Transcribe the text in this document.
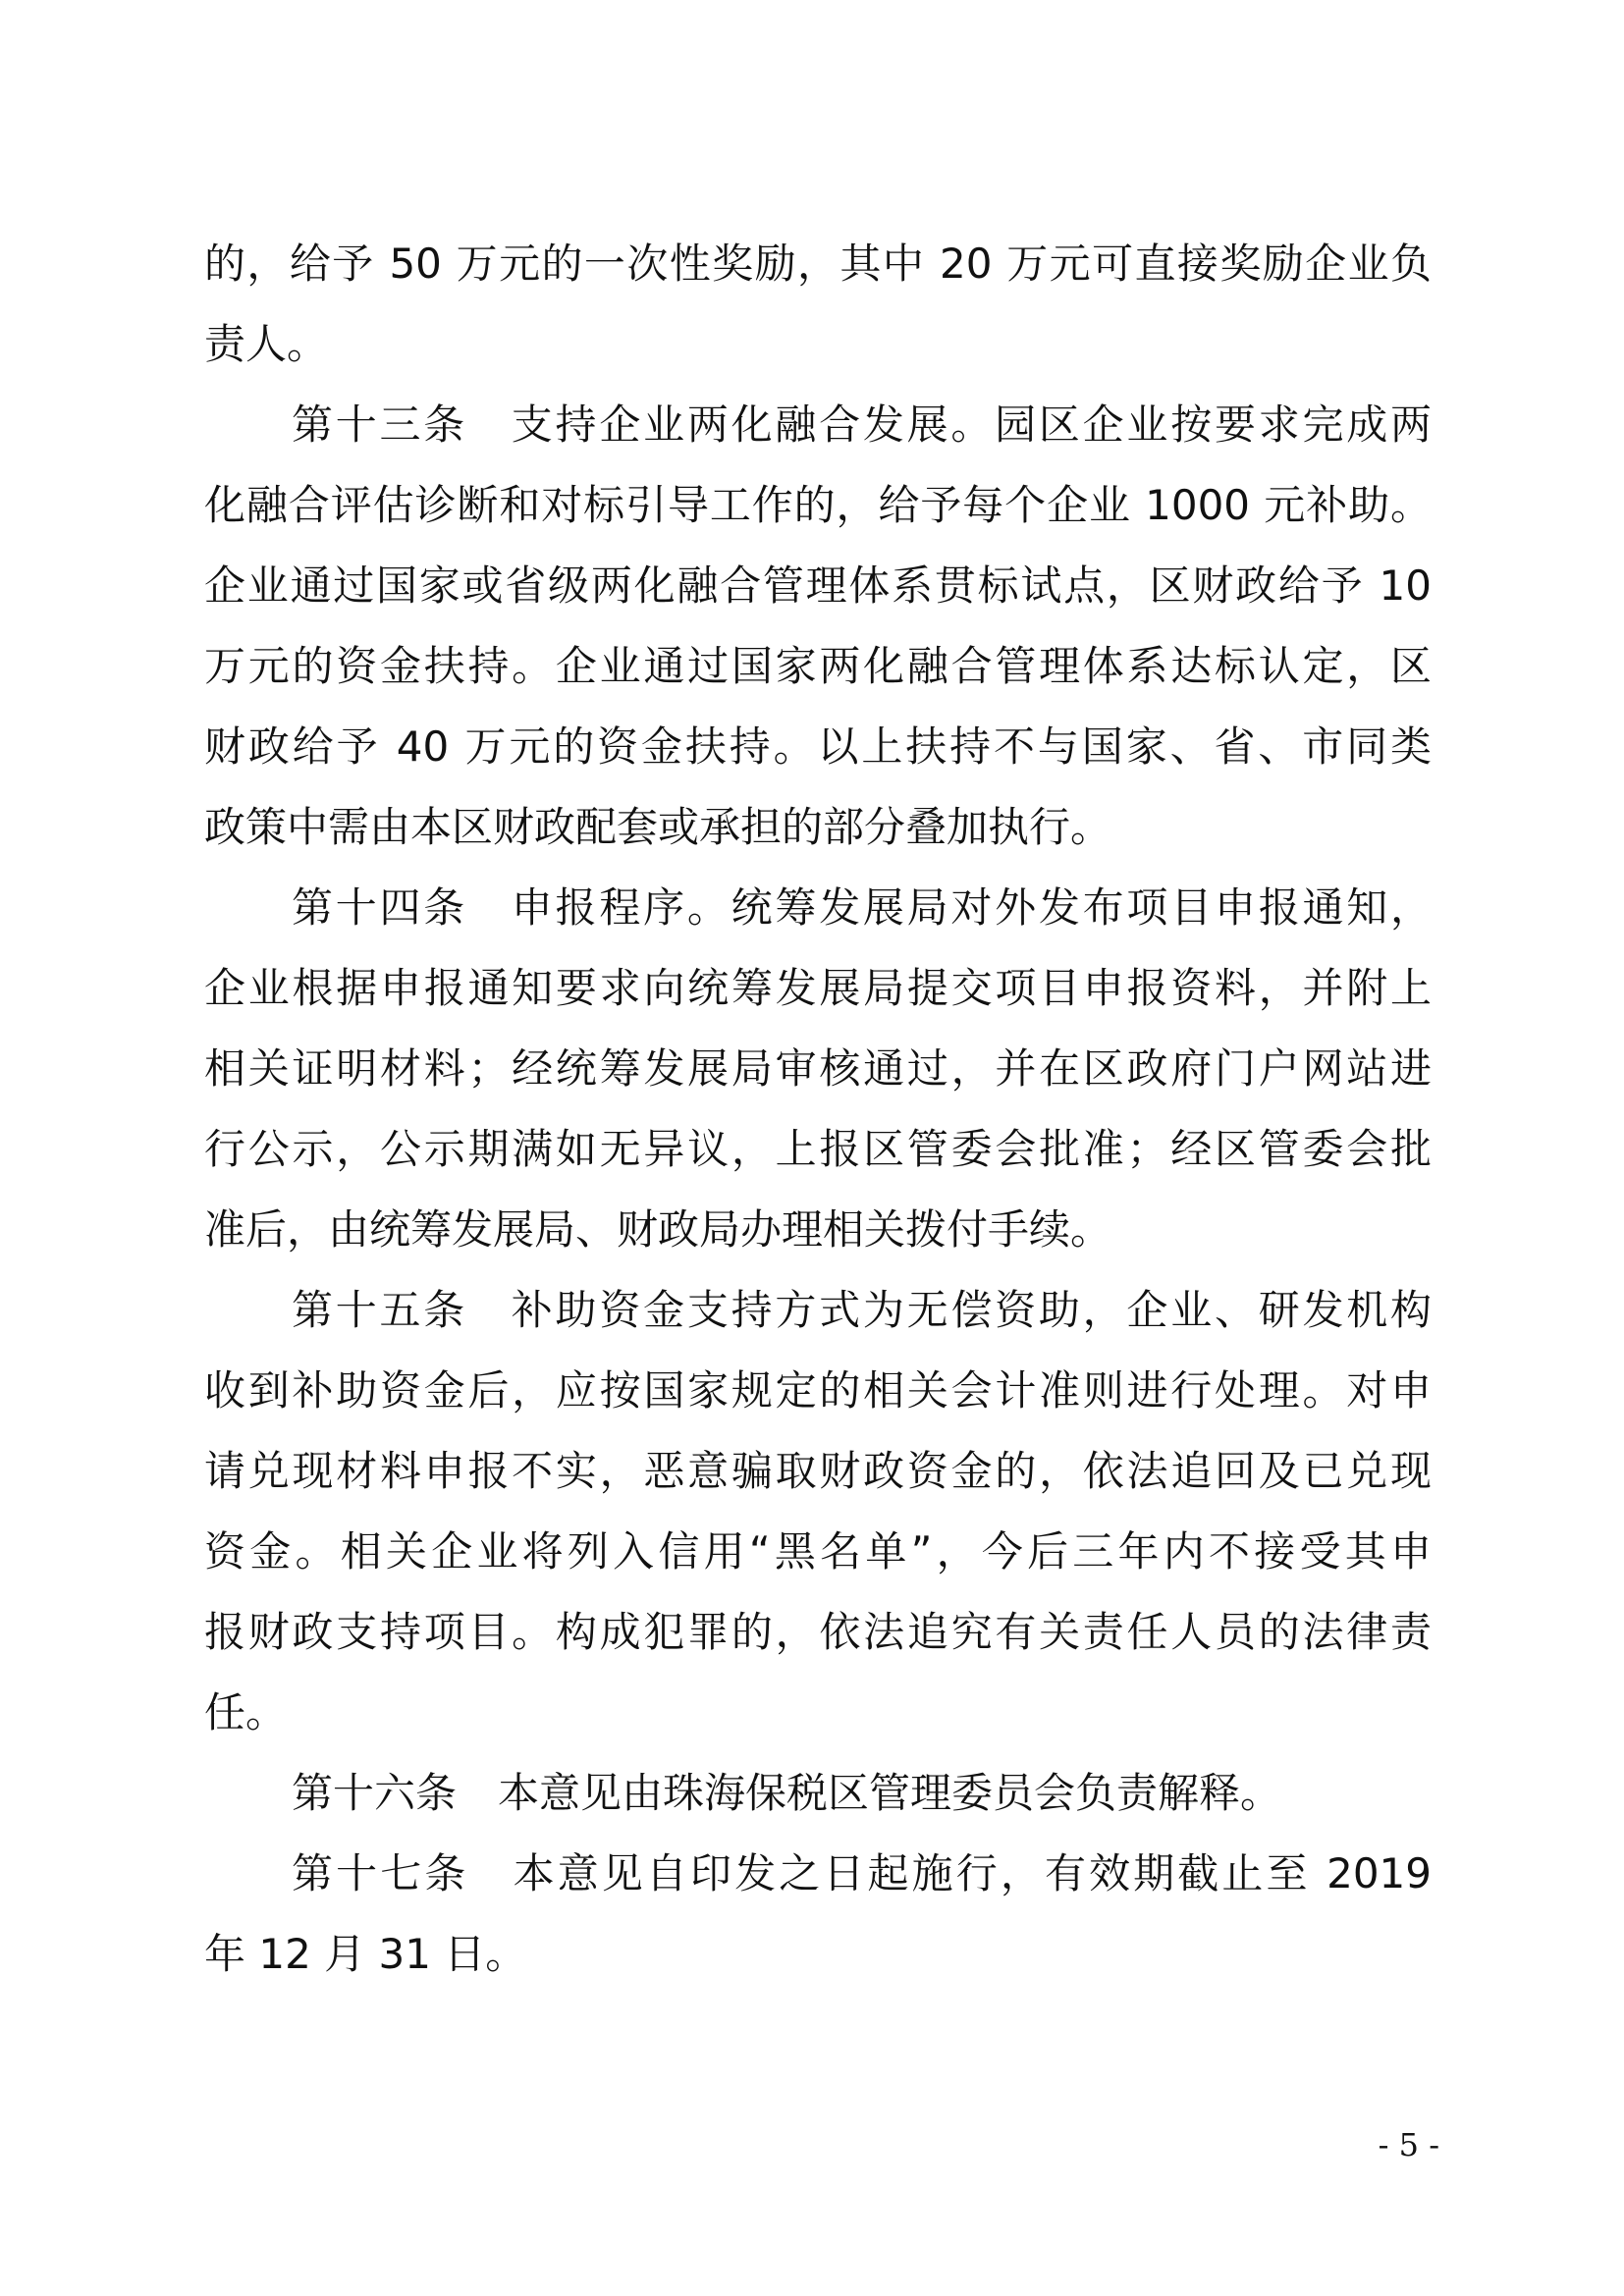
的，给予 50 万元的一次性奖励，其中 20 万元可直接奖励企业负
责人。
第十三条　支持企业两化融合发展。园区企业按要求完成两
化融合评估诊断和对标引导工作的，给予每个企业 1000 元补助。
企业通过国家或省级两化融合管理体系贯标试点，区财政给予 10
万元的资金扶持。企业通过国家两化融合管理体系达标认定，区
财政给予 40 万元的资金扶持。以上扶持不与国家、省、市同类
政策中需由本区财政配套或承担的部分叠加执行。
第十四条　申报程序。统筹发展局对外发布项目申报通知，
企业根据申报通知要求向统筹发展局提交项目申报资料，并附上
相关证明材料；经统筹发展局审核通过，并在区政府门户网站进
行公示，公示期满如无异议，上报区管委会批准；经区管委会批
准后，由统筹发展局、财政局办理相关拨付手续。
第十五条　补助资金支持方式为无偿资助，企业、研发机构
收到补助资金后，应按国家规定的相关会计准则进行处理。对申
请兑现材料申报不实，恶意骗取财政资金的，依法追回及已兑现
资金。相关企业将列入信用“黑名单”，今后三年内不接受其申
报财政支持项目。构成犯罪的，依法追究有关责任人员的法律责
任。
第十六条　本意见由珠海保税区管理委员会负责解释。
第十七条　本意见自印发之日起施行，有效期截止至 2019
年 12 月 31 日。
- 5 -
